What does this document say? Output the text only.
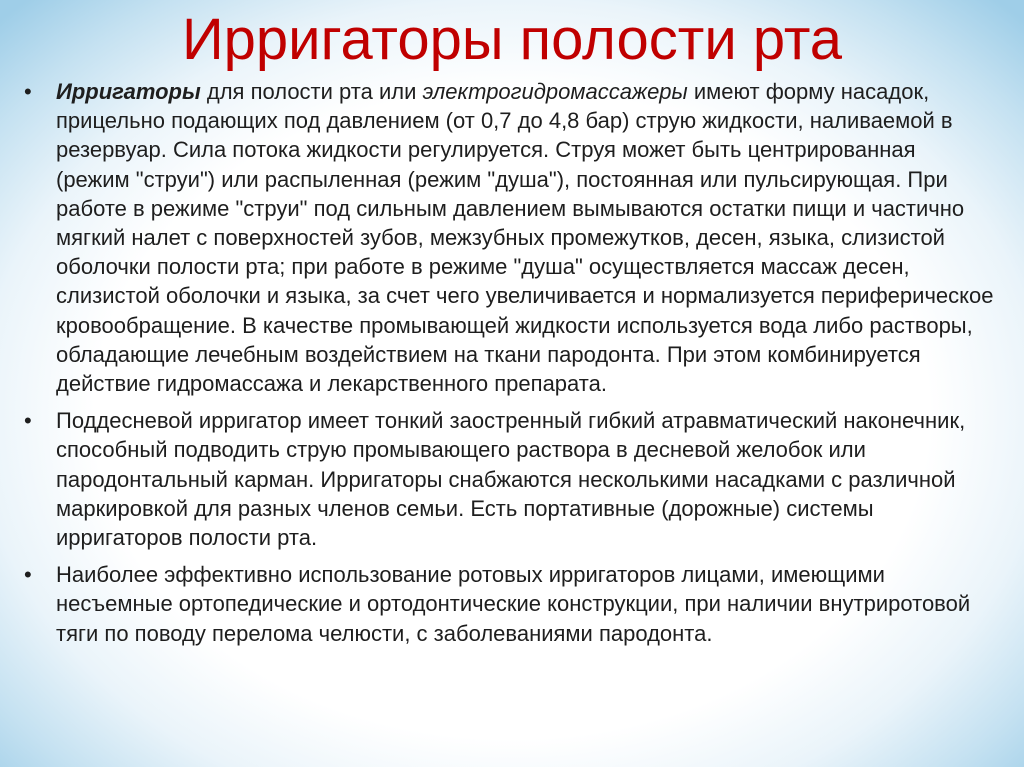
Ирригаторы полости рта
•	Ирригаторы для полости рта или электрогидромассажеры имеют форму насадок, прицельно подающих под давлением (от 0,7 до 4,8 бар) струю жидкости, наливаемой в резервуар. Сила потока жидкости регулируется. Струя может быть центрированная (режим "струи") или распыленная (режим "душа"), постоянная или пульсирующая. При работе в режиме "струи" под сильным давлением вымываются остатки пищи и частично мягкий налет с поверхностей зубов, межзубных промежутков, десен, языка, слизистой оболочки полости рта; при работе в режиме "душа" осуществляется массаж десен, слизистой оболочки и языка, за счет чего увеличивается и нормализуется периферическое кровообращение. В качестве промывающей жидкости используется вода либо растворы, обладающие лечебным воздействием на ткани пародонта. При этом комбинируется действие гидромассажа и лекарственного препарата.
•	Поддесневой ирригатор имеет тонкий заостренный гибкий атравматический наконечник, способный подводить струю промывающего раствора в десневой желобок или пародонтальный карман. Ирригаторы снабжаются несколькими насадками с различной маркировкой для разных членов семьи. Есть портативные (дорожные) системы ирригаторов полости рта.
•	Наиболее эффективно использование ротовых ирригаторов лицами, имеющими несъемные ортопедические и ортодонтические конструкции, при наличии внутриротовой тяги по поводу перелома челюсти, с заболеваниями пародонта.
